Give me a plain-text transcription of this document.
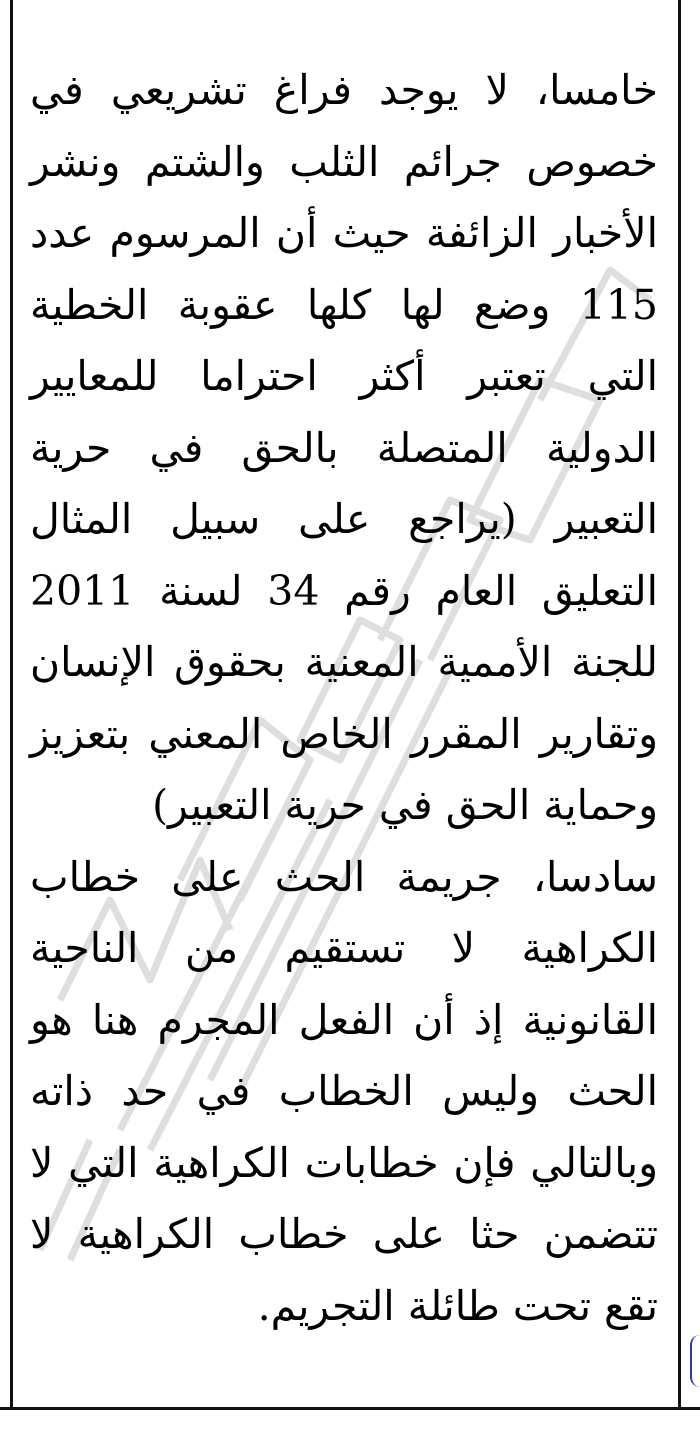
خامسا، لا يوجد فراغ تشريعي في خصوص جرائم الثلب والشتم ونشر الأخبار الزائفة حيث أن المرسوم عدد 115 وضع لها كلها عقوبة الخطية التي تعتبر أكثر احتراما للمعايير الدولية المتصلة بالحق في حرية التعبير (يراجع على سبيل المثال التعليق العام رقم 34 لسنة 2011 للجنة الأممية المعنية بحقوق الإنسان وتقارير المقرر الخاص المعني بتعزيز وحماية الحق في حرية التعبير)

سادسا، جريمة الحث على خطاب الكراهية لا تستقيم من الناحية القانونية إذ أن الفعل المجرم هنا هو الحث وليس الخطاب في حد ذاته وبالتالي فإن خطابات الكراهية التي لا تتضمن حثا على خطاب الكراهية لا تقع تحت طائلة التجريم.
